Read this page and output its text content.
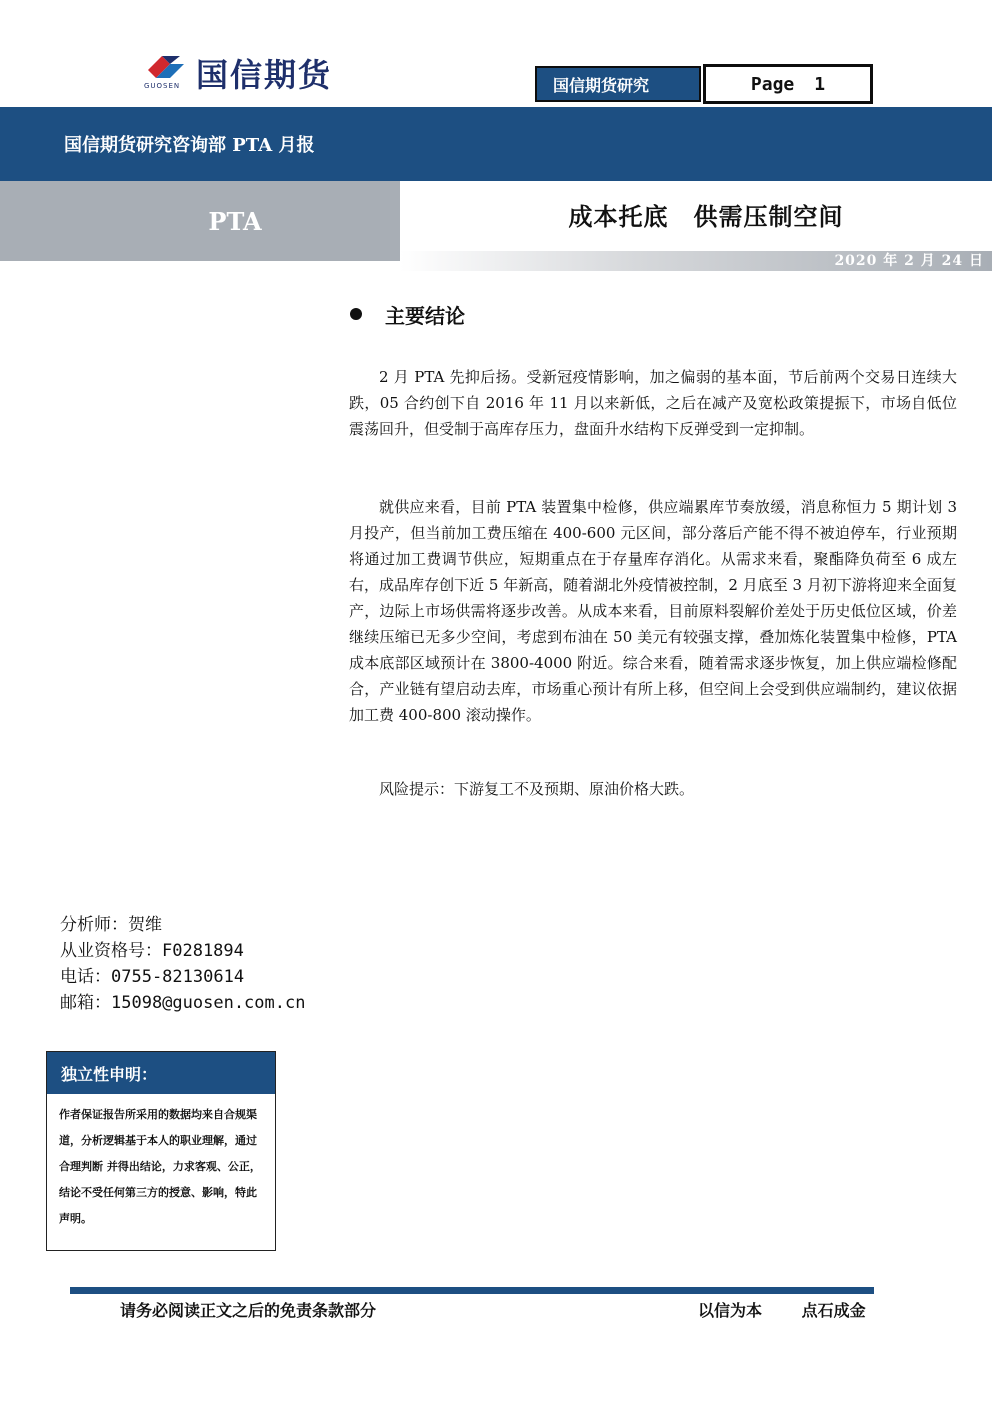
国信期货
GUOSEN	国信期货研究	Page 1
国信期货研究咨询部 PTA 月报
PTA	成本托底　供需压制空间
2020 年 2 月 24 日
主要结论

2 月 PTA 先抑后扬。受新冠疫情影响，加之偏弱的基本面，节后前两个交易日连续大跌，05 合约创下自 2016 年 11 月以来新低，之后在减产及宽松政策提振下，市场自低位震荡回升，但受制于高库存压力，盘面升水结构下反弹受到一定抑制。

就供应来看，目前 PTA 装置集中检修，供应端累库节奏放缓，消息称恒力 5 期计划 3 月投产，但当前加工费压缩在 400-600 元区间，部分落后产能不得不被迫停车，行业预期将通过加工费调节供应，短期重点在于存量库存消化。从需求来看，聚酯降负荷至 6 成左右，成品库存创下近 5 年新高，随着湖北外疫情被控制，2 月底至 3 月初下游将迎来全面复产，边际上市场供需将逐步改善。从成本来看，目前原料裂解价差处于历史低位区域，价差继续压缩已无多少空间，考虑到布油在 50 美元有较强支撑，叠加炼化装置集中检修，PTA 成本底部区域预计在 3800-4000 附近。综合来看，随着需求逐步恢复，加上供应端检修配合，产业链有望启动去库，市场重心预计有所上移，但空间上会受到供应端制约，建议依据加工费 400-800 滚动操作。

风险提示：下游复工不及预期、原油价格大跌。

分析师：贺维
从业资格号：F0281894
电话：0755-82130614
邮箱：15098@guosen.com.cn
独立性申明：
作者保证报告所采用的数据均来自合规渠道，分析逻辑基于本人的职业理解，通过合理判断 并得出结论，力求客观、公正，结论不受任何第三方的授意、影响，特此声明。
请务必阅读正文之后的免责条款部分	以信为本 点石成金
